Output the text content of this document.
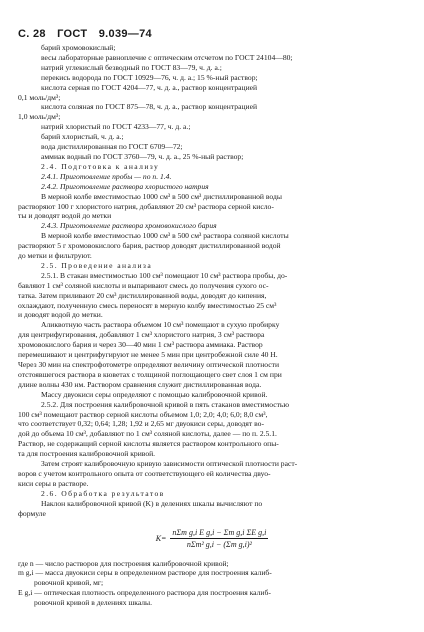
С. 28 ГОСТ 9.039—74
барий хромовокислый;
весы лабораторные равноплечие с оптическим отсчетом по ГОСТ 24104—80;
натрий углекислый безводный по ГОСТ 83—79, ч. д. а.;
перекись водорода по ГОСТ 10929—76, ч. д. а.; 15 %-ный раствор;
кислота серная по ГОСТ 4204—77, ч. д. а., раствор концентрацией
0,1 моль/дм³;
кислота соляная по ГОСТ 875—78, ч. д. а., раствор концентрацией
1,0 моль/дм³;
натрий хлористый по ГОСТ 4233—77, ч. д. а.;
барий хлористый, ч. д. а.;
вода дистиллированная по ГОСТ 6709—72;
аммиак водный по ГОСТ 3760—79, ч. д. а., 25 %-ный раствор;
2.4. Подготовка к анализу
2.4.1. Приготовление пробы — по п. 1.4.
2.4.2. Приготовление раствора хлористого натрия
В мерной колбе вместимостью 1000 см³ в 500 см³ дистиллированной воды
растворяют 100 г хлористого натрия, добавляют 20 см³ раствора серной кисло-
ты и доводят водой до метки
2.4.3. Приготовление раствора хромовокислого бария
В мерной колбе вместимостью 1000 см³ в 500 см³ раствора соляной кислоты
растворяют 5 г хромовокислого бария, раствор доводят дистиллированной водой
до метки и фильтруют.
2.5. Проведение анализа
2.5.1. В стакан вместимостью 100 см³ помещают 10 см³ раствора пробы, до-
бавляют 1 см³ соляной кислоты и выпаривают смесь до получения сухого ос-
татка. Затем приливают 20 см³ дистиллированной воды, доводят до кипения,
охлаждают, полученную смесь переносят в мерную колбу вместимостью 25 см³
и доводят водой до метки.
Аликвотную часть раствора объемом 10 см³ помещают в сухую пробирку
для центрифугирования, добавляют 1 см³ хлористого натрия, 3 см³ раствора
хромовокислого бария и через 30—40 мин 1 см³ раствора аммиака. Раствор
перемешивают и центрифугируют не менее 5 мин при центробежной силе 40 Н.
Через 30 мин на спектрофотометре определяют величину оптической плотности
отстоявшегося раствора в кюветах с толщиной поглощающего свет слоя 1 см при
длине волны 430 нм. Раствором сравнения служит дистиллированная вода.
Массу двуокиси серы определяют с помощью калибровочной кривой.
2.5.2. Для построения калибровочной кривой в пять стаканов вместимостью
100 см³ помещают раствор серной кислоты объемом 1,0; 2,0; 4,0; 6,0; 8,0 см³,
что соответствует 0,32; 0,64; 1,28; 1,92 и 2,65 мг двуокиси серы, доводят во-
дой до объема 10 см³, добавляют по 1 см³ соляной кислоты, далее — по п. 2.5.1.
Раствор, не содержащий серной кислоты является раствором контрольного опы-
та для построения калибровочной кривой.
Затем строят калибровочную кривую зависимости оптической плотности раст-
воров с учетом контрольного опыта от соответствующего ей количества двуо-
киси серы в растворе.
2.6. Обработка результатов
Наклон калибровочной кривой (K) в делениях шкалы вычисляют по
формуле
$K= \frac{\text{nΣm g,i E g,i − Σm g,i ΣE g,i}}{\text{nΣm² g,i − (Σm g,i)²}}$
где n — число растворов для построения калибровочной кривой;
m g,i — масса двуокиси серы в определенном растворе для построения калиб-
ровочной кривой, мг;
E g,i — оптическая плотность определенного раствора для построения калиб-
ровочной кривой в делениях шкалы.
